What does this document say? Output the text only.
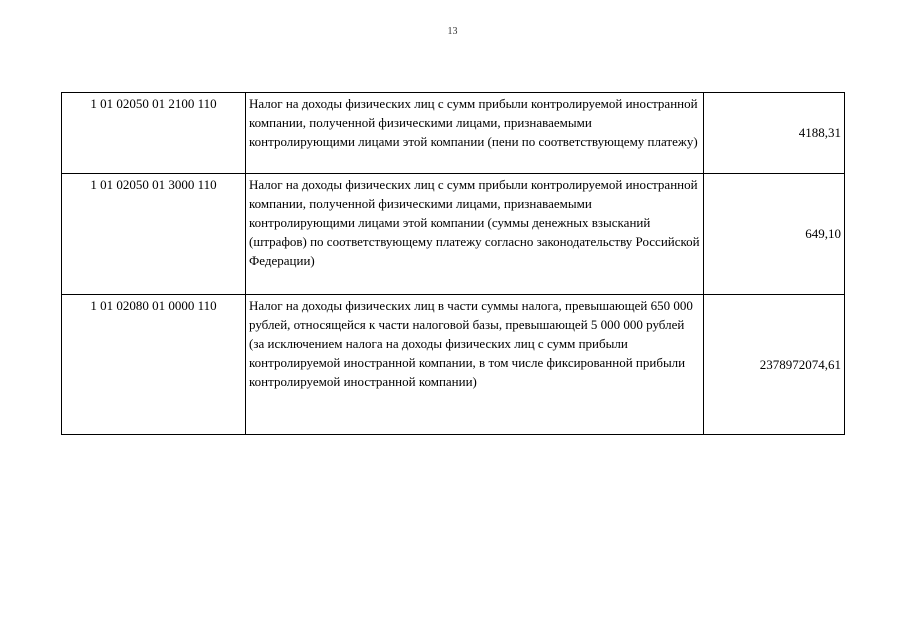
13
1 01 02050 01 2100 110	Налог на доходы физических лиц с сумм прибыли контролируемой иностранной компании, полученной физическими лицами, признаваемыми контролирующими лицами этой компании (пени по соответствующему платежу)	4188,31
1 01 02050 01 3000 110	Налог на доходы физических лиц с сумм прибыли контролируемой иностранной компании, полученной физическими лицами, признаваемыми контролирующими лицами этой компании (суммы денежных взысканий (штрафов) по соответствующему платежу согласно законодательству Российской Федерации)	649,10
1 01 02080 01 0000 110	Налог на доходы физических лиц в части суммы налога, превышающей 650 000 рублей, относящейся к части налоговой базы, превышающей 5 000 000 рублей (за исключением налога на доходы физических лиц с сумм прибыли контролируемой иностранной компании, в том числе фиксированной прибыли контролируемой иностранной компании)	2378972074,61
